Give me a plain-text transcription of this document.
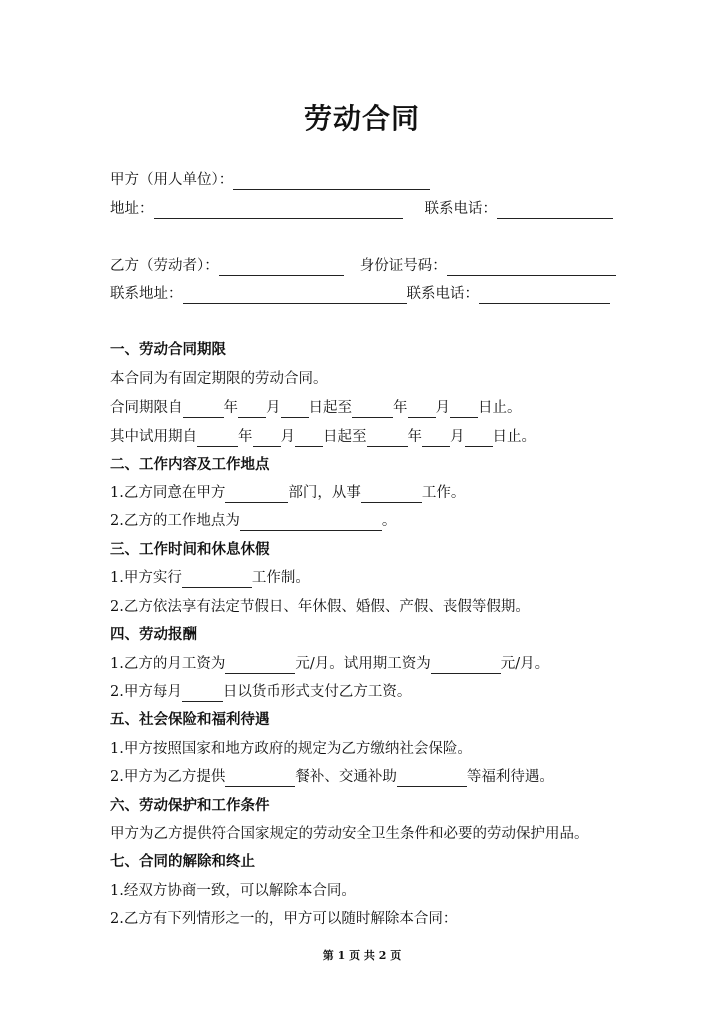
劳动合同
甲方（用人单位）：
地址：	联系电话：
乙方（劳动者）：	身份证号码：
联系地址：	联系电话：
一、劳动合同期限
本合同为有固定期限的劳动合同。
合同期限自	年 月 日起至	年 月 日止。
其中试用期自	年 月 日起至	年 月 日止。
二、工作内容及工作地点
1.乙方同意在甲方	部门，从事	工作。
2.乙方的工作地点为	。
三、工作时间和休息休假
1.甲方实行	工作制。
2.乙方依法享有法定节假日、年休假、婚假、产假、丧假等假期。
四、劳动报酬
1.乙方的月工资为	元/月。试用期工资为	元/月。
2.甲方每月	日以货币形式支付乙方工资。
五、社会保险和福利待遇
1.甲方按照国家和地方政府的规定为乙方缴纳社会保险。
2.甲方为乙方提供	餐补、交通补助	等福利待遇。
六、劳动保护和工作条件
甲方为乙方提供符合国家规定的劳动安全卫生条件和必要的劳动保护用品。
七、合同的解除和终止
1.经双方协商一致，可以解除本合同。
2.乙方有下列情形之一的，甲方可以随时解除本合同：
第 1 页 共 2 页
